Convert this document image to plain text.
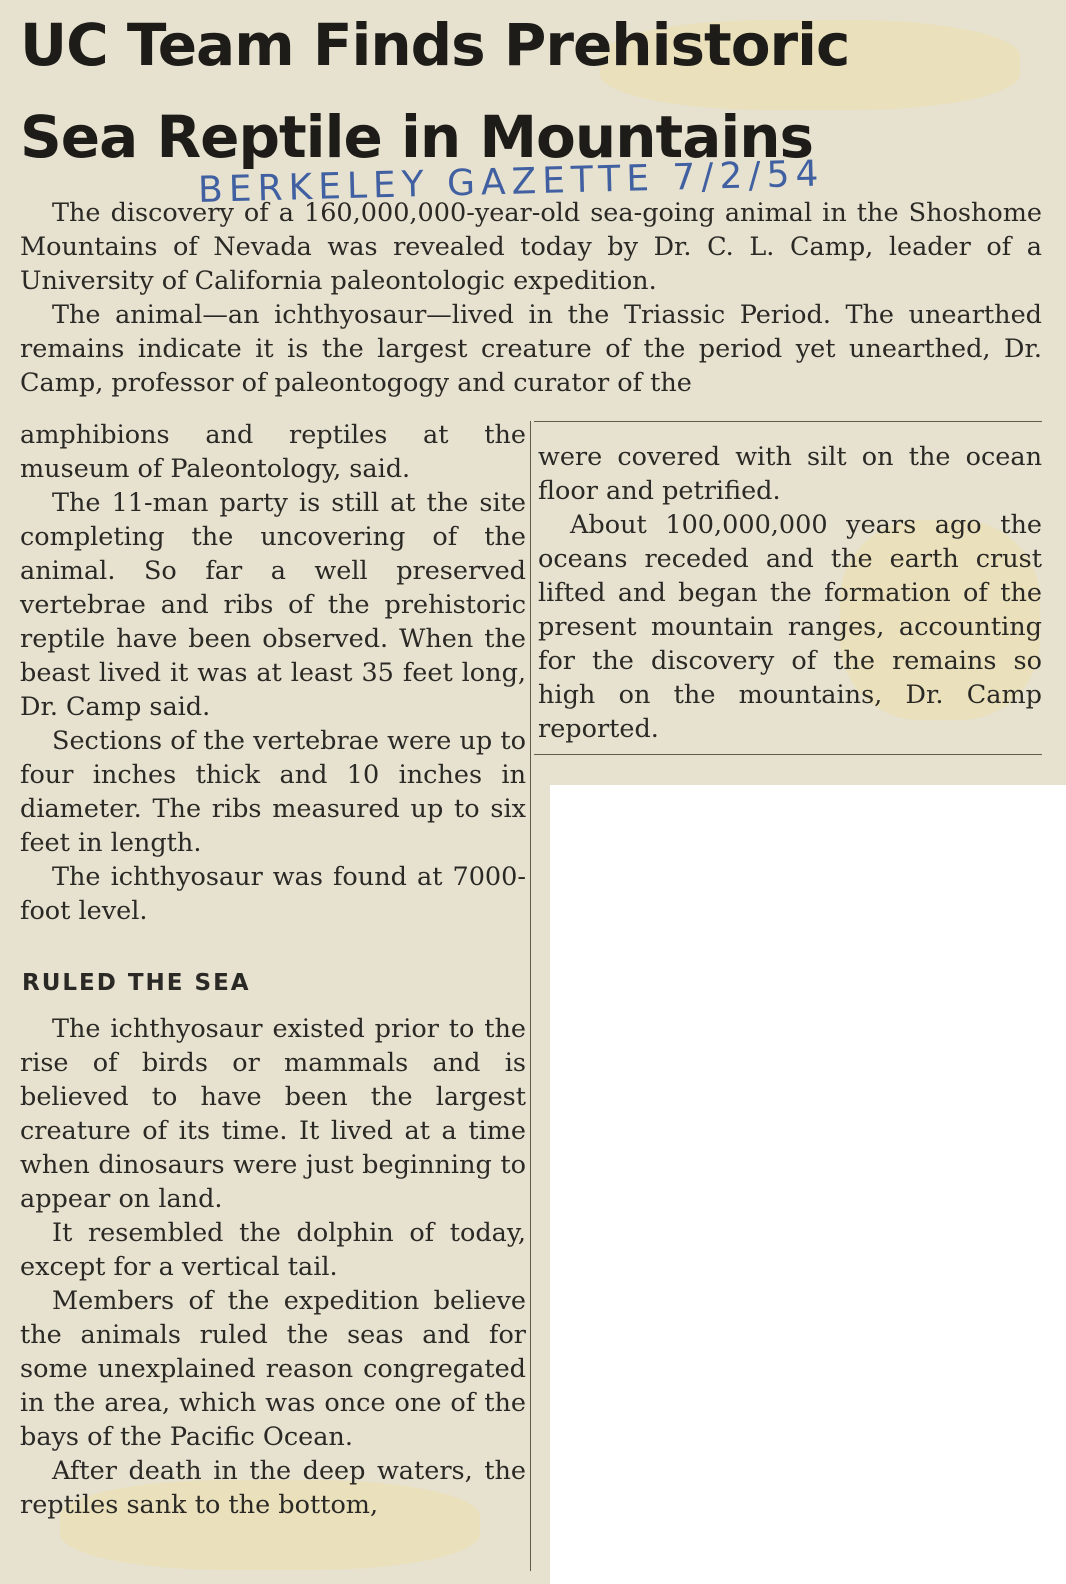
UC Team Finds Prehistoric
Sea Reptile in Mountains
BERKELEY GAZETTE 7/2/54

The discovery of a 160,000,000-year-old sea-going animal in the Shoshome Mountains of Nevada was revealed today by Dr. C. L. Camp, leader of a University of California paleontologic expedition.

The animal—an ichthyosaur—lived in the Triassic Period. The unearthed remains indicate it is the largest creature of the period yet unearthed, Dr. Camp, professor of paleontogogy and curator of the

amphibions and reptiles at the museum of Paleontology, said.

The 11-man party is still at the site completing the uncovering of the animal. So far a well preserved vertebrae and ribs of the prehistoric reptile have been observed. When the beast lived it was at least 35 feet long, Dr. Camp said.

Sections of the vertebrae were up to four inches thick and 10 inches in diameter. The ribs measured up to six feet in length.

The ichthyosaur was found at 7000-foot level.

RULED THE SEA

The ichthyosaur existed prior to the rise of birds or mammals and is believed to have been the largest creature of its time. It lived at a time when dinosaurs were just beginning to appear on land.

It resembled the dolphin of today, except for a vertical tail.

Members of the expedition believe the animals ruled the seas and for some unexplained reason congregated in the area, which was once one of the bays of the Pacific Ocean.

After death in the deep waters, the reptiles sank to the bottom,

were covered with silt on the ocean floor and petrified.

About 100,000,000 years ago the oceans receded and the earth crust lifted and began the formation of the present mountain ranges, accounting for the discovery of the remains so high on the mountains, Dr. Camp reported.
